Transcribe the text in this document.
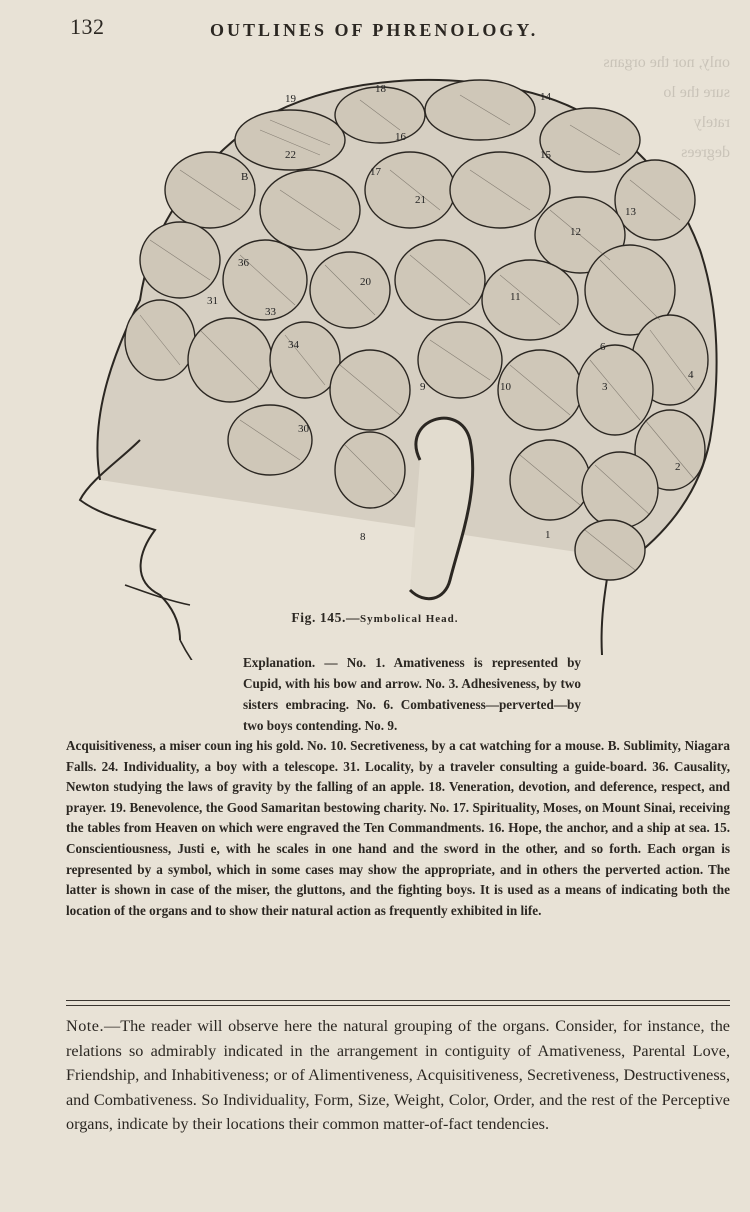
132	OUTLINES OF PHRENOLOGY.
only, nor the organs
sure the lo
rately
degrees
1
2
3
4
6
8
9	10
11
12
13
14
15
16
17
18
19
20
21
22
30
31
33
34
36
B
Fig. 145.—Symbolical Head.
Explanation. — No. 1. Amativeness is represented by Cupid, with his bow and arrow. No. 3. Adhesiveness, by two sisters embracing. No. 6. Combativeness—perverted—by two boys contending. No. 9.
Acquisitiveness, a miser coun ing his gold. No. 10. Secretiveness, by a cat watching for a mouse. B. Sublimity, Niagara Falls. 24. Individuality, a boy with a telescope. 31. Locality, by a traveler consulting a guide-board. 36. Causality, Newton studying the laws of gravity by the falling of an apple. 18. Veneration, devotion, and deference, respect, and prayer. 19. Benevolence, the Good Samaritan bestowing charity. No. 17. Spirituality, Moses, on Mount Sinai, receiving the tables from Heaven on which were engraved the Ten Commandments. 16. Hope, the anchor, and a ship at sea. 15. Conscientiousness, Justi e, with he scales in one hand and the sword in the other, and so forth. Each organ is represented by a symbol, which in some cases may show the appropriate, and in others the perverted action. The latter is shown in case of the miser, the gluttons, and the fighting boys. It is used as a means of indicating both the location of the organs and to show their natural action as frequently exhibited in life.
Note.—The reader will observe here the natural grouping of the organs. Consider, for instance, the relations so admirably indicated in the arrangement in contiguity of Amativeness, Parental Love, Friendship, and Inhabitiveness; or of Alimentiveness, Acquisitiveness, Secretiveness, Destructiveness, and Combativeness. So Individuality, Form, Size, Weight, Color, Order, and the rest of the Perceptive organs, indicate by their locations their common matter-of-fact tendencies.
